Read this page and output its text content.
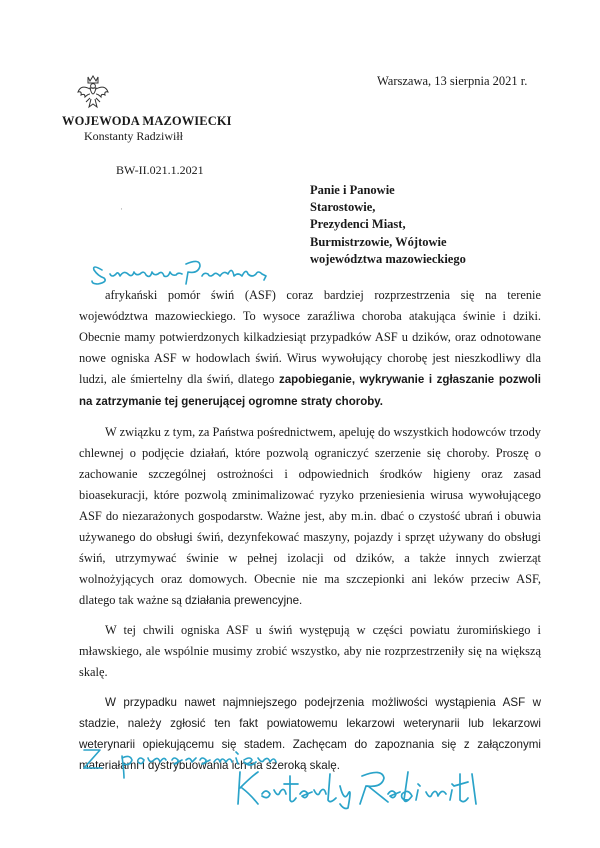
WOJEWODA MAZOWIECKI
Konstanty Radziwiłł
Warszawa, 13 sierpnia 2021 r.
BW-II.021.1.2021
·
Panie i Panowie
Starostowie,
Prezydenci Miast,
Burmistrzowie, Wójtowie
województwa mazowieckiego

afrykański pomór świń (ASF) coraz bardziej rozprzestrzenia się na terenie województwa mazowieckiego. To wysoce zaraźliwa choroba atakująca świnie i dziki. Obecnie mamy potwierdzonych kilkadziesiąt przypadków ASF u dzików, oraz odnotowane nowe ogniska ASF w hodowlach świń. Wirus wywołujący chorobę jest nieszkodliwy dla ludzi, ale śmiertelny dla świń, dlatego zapobieganie, wykrywanie i zgłaszanie pozwoli na zatrzymanie tej generującej ogromne straty choroby.

W związku z tym, za Państwa pośrednictwem, apeluję do wszystkich hodowców trzody chlewnej o podjęcie działań, które pozwolą ograniczyć szerzenie się choroby. Proszę o zachowanie szczególnej ostrożności i odpowiednich środków higieny oraz zasad bioasekuracji, które pozwolą zminimalizować ryzyko przeniesienia wirusa wywołującego ASF do niezarażonych gospodarstw. Ważne jest, aby m.in. dbać o czystość ubrań i obuwia używanego do obsługi świń, dezynfekować maszyny, pojazdy i sprzęt używany do obsługi świń, utrzymywać świnie w pełnej izolacji od dzików, a także innych zwierząt wolnożyjących oraz domowych. Obecnie nie ma szczepionki ani leków przeciw ASF, dlatego tak ważne są działania prewencyjne.

W tej chwili ogniska ASF u świń występują w części powiatu żuromińskiego i mławskiego, ale wspólnie musimy zrobić wszystko, aby nie rozprzestrzeniły się na większą skalę.

W przypadku nawet najmniejszego podejrzenia możliwości wystąpienia ASF w stadzie, należy zgłosić ten fakt powiatowemu lekarzowi weterynarii lub lekarzowi weterynarii opiekującemu się stadem. Zachęcam do zapoznania się z załączonymi materiałami i dystrybuowania ich na szeroką skalę.
